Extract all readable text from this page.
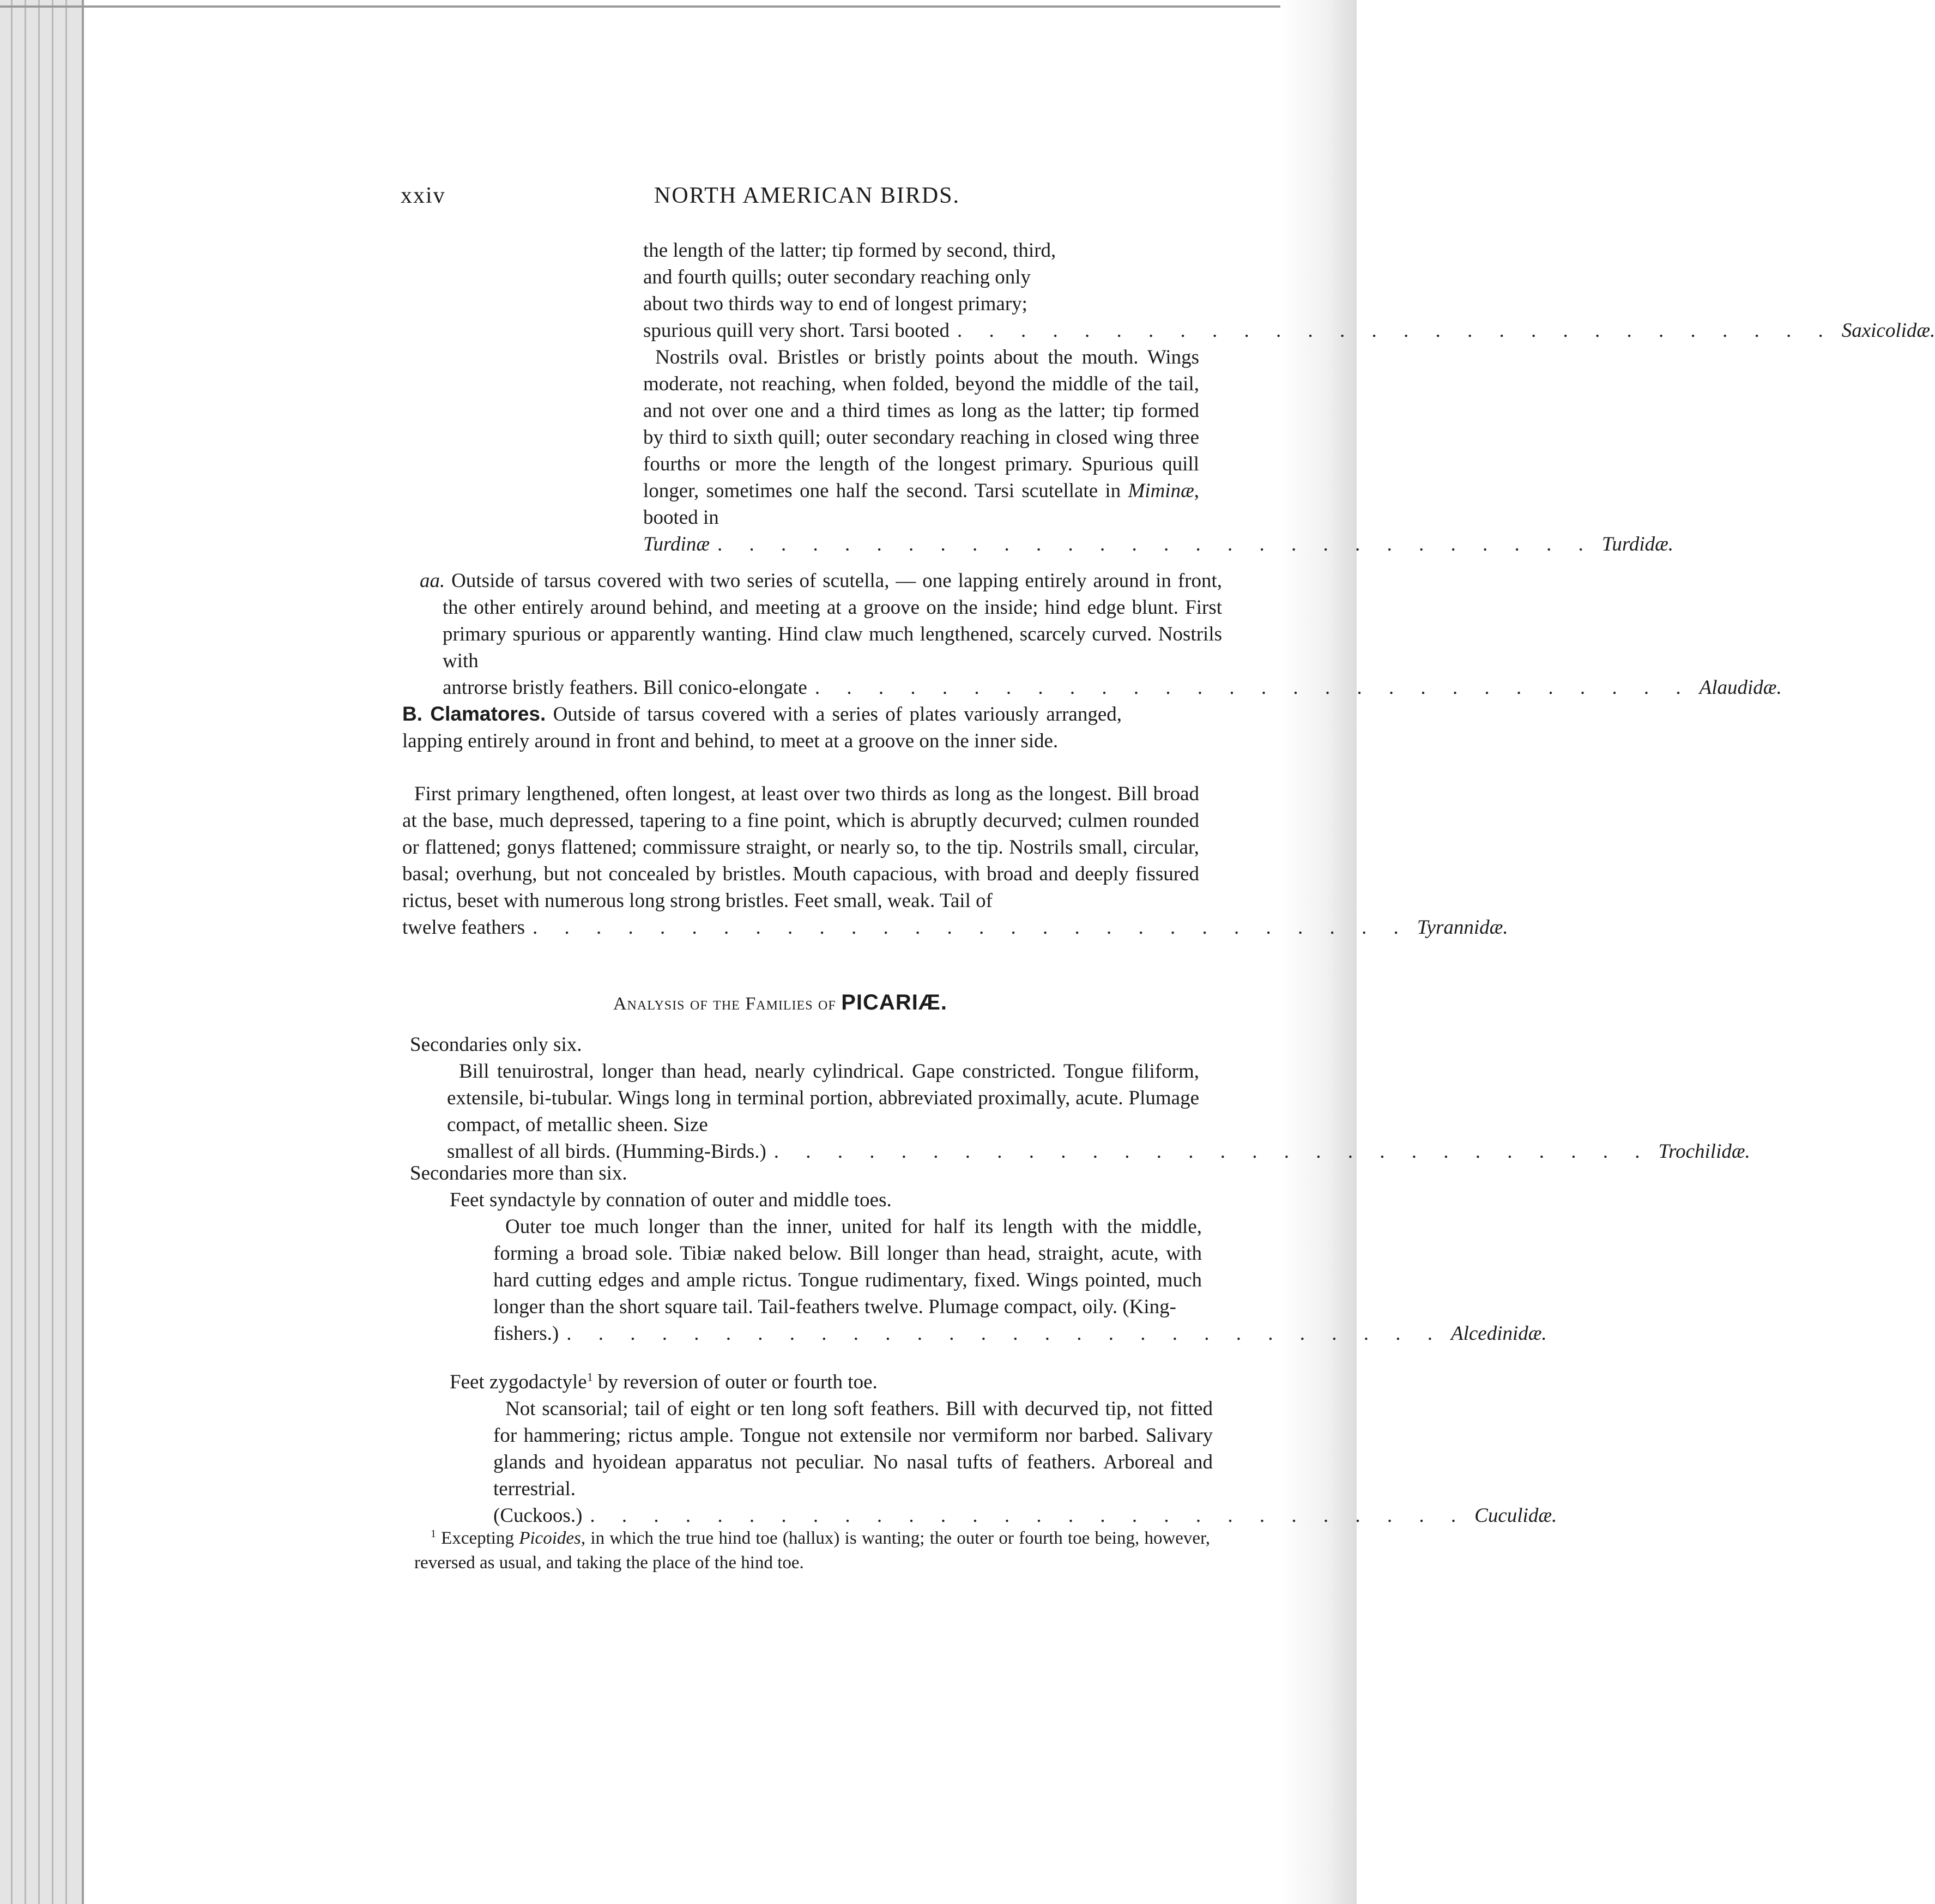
xxiv	NORTH AMERICAN BIRDS.
the length of the latter; tip formed by second, third,
and fourth quills; outer secondary reaching only
about two thirds way to end of longest primary;
spurious quill very short. Tarsi booted . . . . . . . . . . . . . . . . . . . . . . . . . . . . Saxicolidæ.
Nostrils oval. Bristles or bristly points about the mouth. Wings moderate, not reaching, when folded, beyond the middle of the tail, and not over one and a third times as long as the latter; tip formed by third to sixth quill; outer secondary reaching in closed wing three fourths or more the length of the longest primary. Spurious quill longer, sometimes one half the second. Tarsi scutellate in Miminæ, booted in
Turdinæ . . . . . . . . . . . . . . . . . . . . . . . . . . . . Turdidæ.
aa. Outside of tarsus covered with two series of scutella, — one lapping entirely around in front, the other entirely around behind, and meeting at a groove on the inside; hind edge blunt. First primary spurious or apparently wanting. Hind claw much lengthened, scarcely curved. Nostrils with
antrorse bristly feathers. Bill conico-elongate . . . . . . . . . . . . . . . . . . . . . . . . . . . . Alaudidæ.
B. Clamatores. Outside of tarsus covered with a series of plates variously arranged, lapping entirely around in front and behind, to meet at a groove on the inner side.
First primary lengthened, often longest, at least over two thirds as long as the longest. Bill broad at the base, much depressed, tapering to a fine point, which is abruptly decurved; culmen rounded or flattened; gonys flattened; commissure straight, or nearly so, to the tip. Nostrils small, circular, basal; overhung, but not concealed by bristles. Mouth capacious, with broad and deeply fissured rictus, beset with numerous long strong bristles. Feet small, weak. Tail of
twelve feathers . . . . . . . . . . . . . . . . . . . . . . . . . . . . Tyrannidæ.
Analysis of the Families of PICARIÆ.
Secondaries only six.
Bill tenuirostral, longer than head, nearly cylindrical. Gape constricted. Tongue filiform, extensile, bi-tubular. Wings long in terminal portion, abbreviated proximally, acute. Plumage compact, of metallic sheen. Size
smallest of all birds. (Humming-Birds.) . . . . . . . . . . . . . . . . . . . . . . . . . . . . Trochilidæ.
Secondaries more than six.
Feet syndactyle by connation of outer and middle toes.
Outer toe much longer than the inner, united for half its length with the middle, forming a broad sole. Tibiæ naked below. Bill longer than head, straight, acute, with hard cutting edges and ample rictus. Tongue rudimentary, fixed. Wings pointed, much longer than the short square tail. Tail-feathers twelve. Plumage compact, oily. (King-
fishers.) . . . . . . . . . . . . . . . . . . . . . . . . . . . . Alcedinidæ.
Feet zygodactyle$^1$ by reversion of outer or fourth toe.
Not scansorial; tail of eight or ten long soft feathers. Bill with decurved tip, not fitted for hammering; rictus ample. Tongue not extensile nor vermiform nor barbed. Salivary glands and hyoidean apparatus not peculiar. No nasal tufts of feathers. Arboreal and terrestrial.
(Cuckoos.) . . . . . . . . . . . . . . . . . . . . . . . . . . . . Cuculidæ.
$^1$ Excepting Picoides, in which the true hind toe (hallux) is wanting; the outer or fourth toe being, however, reversed as usual, and taking the place of the hind toe.
